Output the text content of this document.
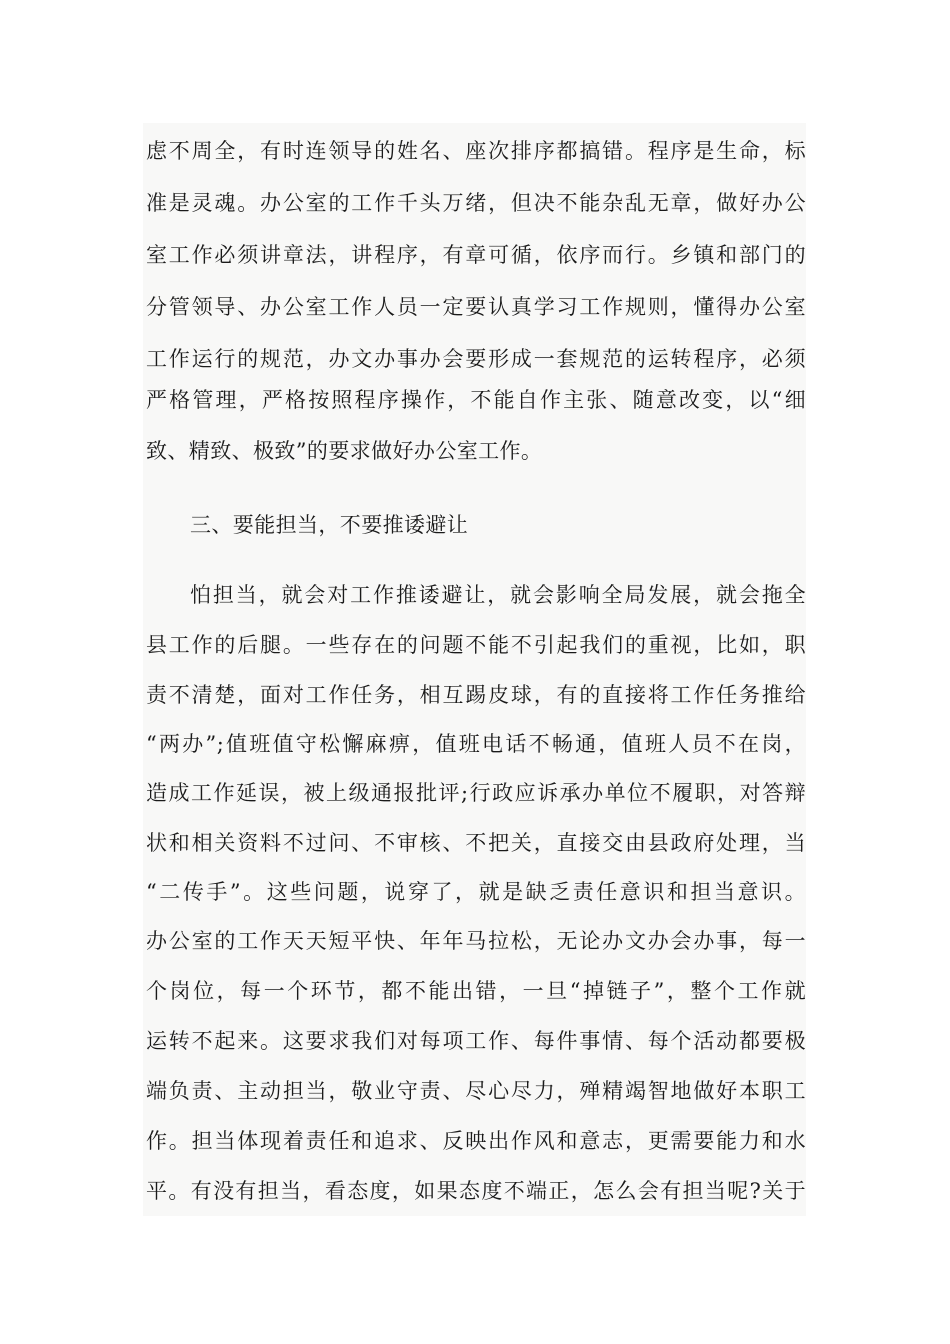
虑不周全，有时连领导的姓名、座次排序都搞错。程序是生命，标
准是灵魂。办公室的工作千头万绪，但决不能杂乱无章，做好办公
室工作必须讲章法，讲程序，有章可循，依序而行。乡镇和部门的
分管领导、办公室工作人员一定要认真学习工作规则，懂得办公室
工作运行的规范，办文办事办会要形成一套规范的运转程序，必须
严格管理，严格按照程序操作，不能自作主张、随意改变，以“细
致、精致、极致”的要求做好办公室工作。
三、要能担当，不要推诿避让
怕担当，就会对工作推诿避让，就会影响全局发展，就会拖全
县工作的后腿。一些存在的问题不能不引起我们的重视，比如，职
责不清楚，面对工作任务，相互踢皮球，有的直接将工作任务推给
“两办”;值班值守松懈麻痹，值班电话不畅通，值班人员不在岗，
造成工作延误，被上级通报批评;行政应诉承办单位不履职，对答辩
状和相关资料不过问、不审核、不把关，直接交由县政府处理，当
“二传手”。这些问题，说穿了，就是缺乏责任意识和担当意识。
办公室的工作天天短平快、年年马拉松，无论办文办会办事，每一
个岗位，每一个环节，都不能出错，一旦“掉链子”，整个工作就
运转不起来。这要求我们对每项工作、每件事情、每个活动都要极
端负责、主动担当，敬业守责、尽心尽力，殚精竭智地做好本职工
作。担当体现着责任和追求、反映出作风和意志，更需要能力和水
平。有没有担当，看态度，如果态度不端正，怎么会有担当呢?关于
